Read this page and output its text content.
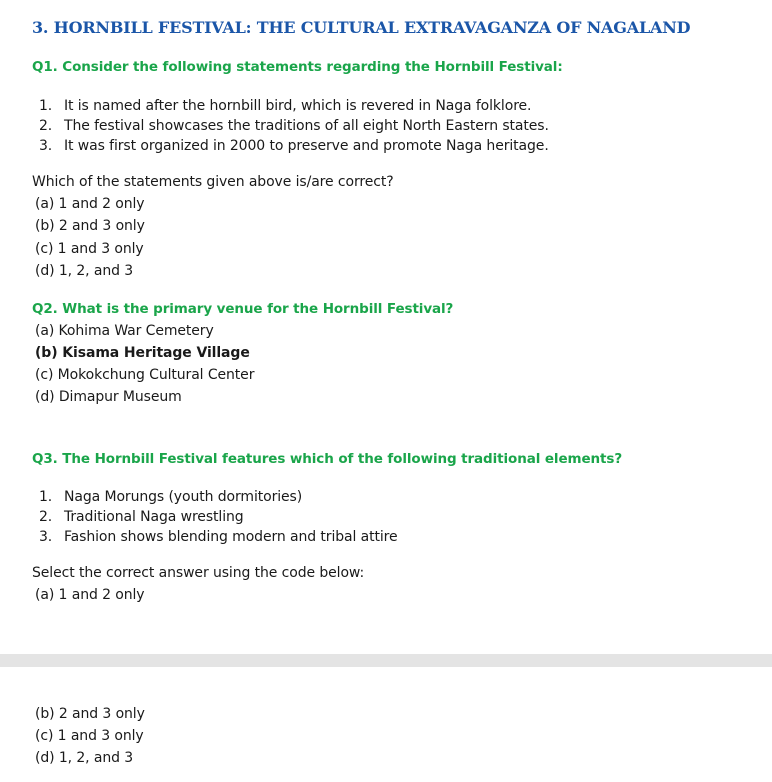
3. HORNBILL FESTIVAL: THE CULTURAL EXTRAVAGANZA OF NAGALAND
Q1. Consider the following statements regarding the Hornbill Festival:
1. It is named after the hornbill bird, which is revered in Naga folklore.
2. The festival showcases the traditions of all eight North Eastern states.
3. It was first organized in 2000 to preserve and promote Naga heritage.
Which of the statements given above is/are correct?
(a) 1 and 2 only
(b) 2 and 3 only
(c) 1 and 3 only
(d) 1, 2, and 3
Q2. What is the primary venue for the Hornbill Festival?
(a) Kohima War Cemetery
(b) Kisama Heritage Village
(c) Mokokchung Cultural Center
(d) Dimapur Museum
Q3. The Hornbill Festival features which of the following traditional elements?
1. Naga Morungs (youth dormitories)
2. Traditional Naga wrestling
3. Fashion shows blending modern and tribal attire
Select the correct answer using the code below:
(a) 1 and 2 only
(b) 2 and 3 only
(c) 1 and 3 only
(d) 1, 2, and 3
